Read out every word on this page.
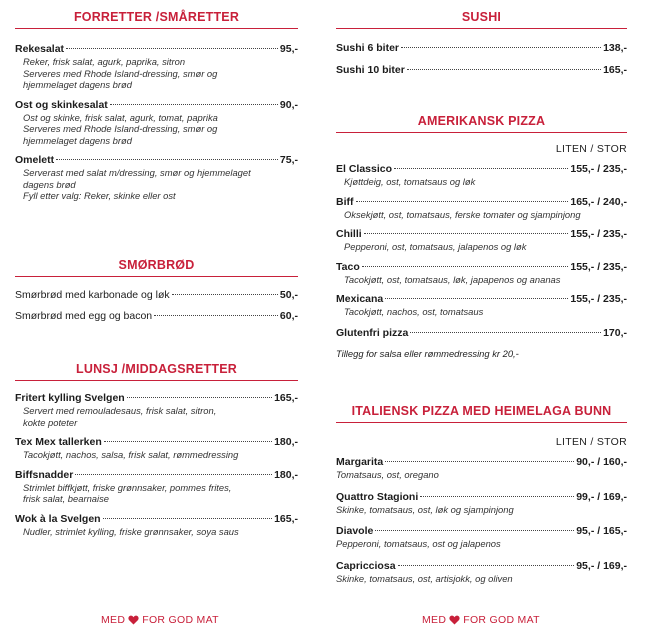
FORRETTER /SMÅRETTER
Rekesalat	95,-
Reker, frisk salat, agurk, paprika, sitron
Serveres med Rhode Island-dressing, smør og
hjemmelaget dagens brød
Ost og skinkesalat	90,-
Ost og skinke, frisk salat, agurk, tomat, paprika
Serveres med Rhode Island-dressing, smør og
hjemmelaget dagens brød
Omelett	75,-
Serverast med salat m/dressing, smør og hjemmelaget
dagens brød
Fyll etter valg: Reker, skinke eller ost
SMØRBRØD
Smørbrød med karbonade og løk	50,-
Smørbrød med egg og bacon	60,-
LUNSJ /MIDDAGSRETTER
Fritert kylling Svelgen	165,-
Servert med remouladesaus, frisk salat, sitron,
kokte poteter
Tex Mex tallerken	180,-
Tacokjøtt, nachos, salsa, frisk salat, rømmedressing
Biffsnadder	180,-
Strimlet biffkjøtt, friske grønnsaker, pommes frites,
frisk salat, bearnaise
Wok à la Svelgen	165,-
Nudler, strimlet kylling, friske grønnsaker, soya saus
MED FOR GOD MAT
SUSHI
Sushi 6 biter	138,-
Sushi 10 biter	165,-
AMERIKANSK PIZZA
LITEN / STOR
El Classico	155,- / 235,-
Kjøttdeig, ost, tomatsaus og løk
Biff	165,- / 240,-
Oksekjøtt, ost, tomatsaus, ferske tomater og sjampinjong
Chilli	155,- / 235,-
Pepperoni, ost, tomatsaus, jalapenos og løk
Taco	155,- / 235,-
Tacokjøtt, ost, tomatsaus, løk, japapenos og ananas
Mexicana	155,- / 235,-
Tacokjøtt, nachos, ost, tomatsaus
Glutenfri pizza	170,-
Tillegg for salsa eller rømmedressing kr 20,-
ITALIENSK PIZZA MED HEIMELAGA BUNN
LITEN / STOR
Margarita	90,- / 160,-
Tomatsaus, ost, oregano
Quattro Stagioni	99,- / 169,-
Skinke, tomatsaus, ost, løk og sjampinjong
Diavole	95,- / 165,-
Pepperoni, tomatsaus, ost og jalapenos
Capricciosa	95,- / 169,-
Skinke, tomatsaus, ost, artisjokk, og oliven
MED FOR GOD MAT
